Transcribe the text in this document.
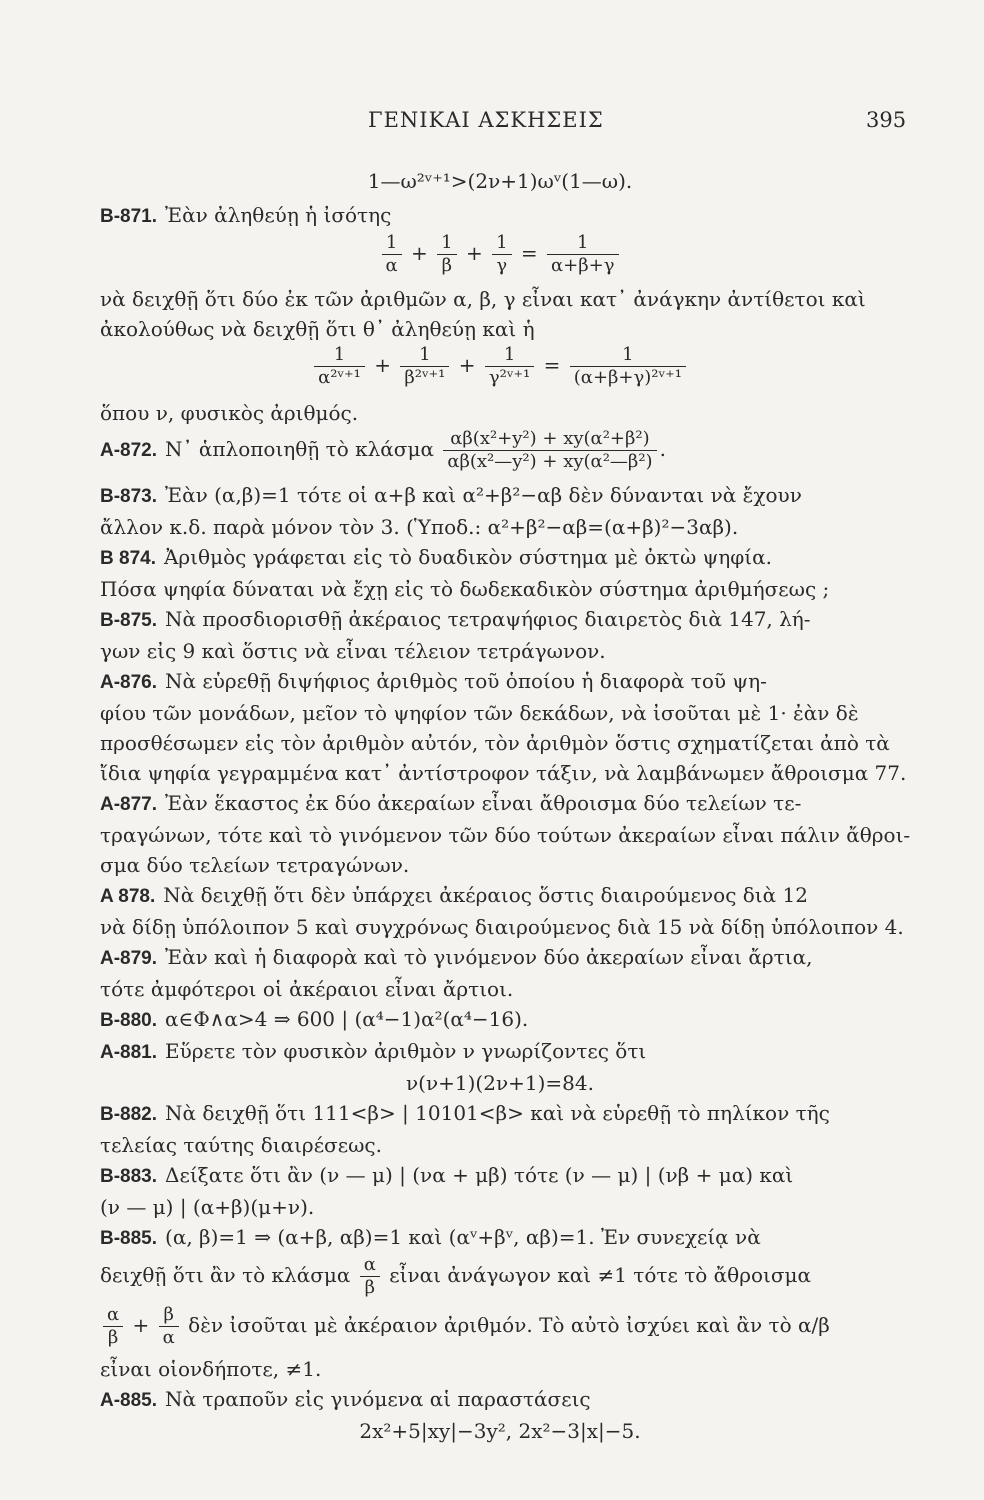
ΓΕΝΙΚΑΙ ΑΣΚΗΣΕΙΣ	395
1—ω²ᵛ⁺¹>(2ν+1)ωᵛ(1—ω).
B-871. Ἐὰν ἀληθεύῃ ἡ ἰσότης
$\frac{1}{\alpha} + \frac{1}{\beta} + \frac{1}{\gamma} = \frac{1}{\alpha+\beta+\gamma}$
νὰ δειχθῇ ὅτι δύο ἐκ τῶν ἀριθμῶν α, β, γ εἶναι κατ᾽ ἀνάγκην ἀντίθετοι καὶ
ἀκολούθως νὰ δειχθῇ ὅτι θ᾽ ἀληθεύῃ καὶ ἡ
$\frac{1}{\text{α²ᵛ⁺¹}} + \frac{1}{\text{β²ᵛ⁺¹}} + \frac{1}{\text{γ²ᵛ⁺¹}} = \frac{1}{\text{(α+β+γ)²ᵛ⁺¹}}$
ὅπου ν, φυσικὸς ἀριθμός.
A-872. Ν᾽ ἁπλοποιηθῇ τὸ κλάσμα $\frac{\text{αβ(x²+y²) + xy(α²+β²)}}{\text{αβ(x²—y²) + xy(α²—β²)}}$ .
B-873. Ἐὰν (α,β)=1 τότε οἱ α+β καὶ α²+β²−αβ δὲν δύνανται νὰ ἔχουν
ἄλλον κ.δ. παρὰ μόνον τὸν 3. (Ὑποδ.: α²+β²−αβ=(α+β)²−3αβ).
B 874. Ἀριθμὸς γράφεται εἰς τὸ δυαδικὸν σύστημα μὲ ὀκτὼ ψηφία.
Πόσα ψηφία δύναται νὰ ἔχῃ εἰς τὸ δωδεκαδικὸν σύστημα ἀριθμήσεως ;
B-875. Νὰ προσδιορισθῇ ἀκέραιος τετραψήφιος διαιρετὸς διὰ 147, λή-
γων εἰς 9 καὶ ὅστις νὰ εἶναι τέλειον τετράγωνον.
A-876. Νὰ εὑρεθῇ διψήφιος ἀριθμὸς τοῦ ὁποίου ἡ διαφορὰ τοῦ ψη-
φίου τῶν μονάδων, μεῖον τὸ ψηφίον τῶν δεκάδων, νὰ ἰσοῦται μὲ 1· ἐὰν δὲ
προσθέσωμεν εἰς τὸν ἀριθμὸν αὐτόν, τὸν ἀριθμὸν ὅστις σχηματίζεται ἀπὸ τὰ
ἴδια ψηφία γεγραμμένα κατ᾽ ἀντίστροφον τάξιν, νὰ λαμβάνωμεν ἄθροισμα 77.
A-877. Ἐὰν ἕκαστος ἐκ δύο ἀκεραίων εἶναι ἄθροισμα δύο τελείων τε-
τραγώνων, τότε καὶ τὸ γινόμενον τῶν δύο τούτων ἀκεραίων εἶναι πάλιν ἄθροι-
σμα δύο τελείων τετραγώνων.
A 878. Νὰ δειχθῇ ὅτι δὲν ὑπάρχει ἀκέραιος ὅστις διαιρούμενος διὰ 12
νὰ δίδῃ ὑπόλοιπον 5 καὶ συγχρόνως διαιρούμενος διὰ 15 νὰ δίδῃ ὑπόλοιπον 4.
A-879. Ἐὰν καὶ ἡ διαφορὰ καὶ τὸ γινόμενον δύο ἀκεραίων εἶναι ἄρτια,
τότε ἀμφότεροι οἱ ἀκέραιοι εἶναι ἄρτιοι.
B-880. α∈Φ∧α>4 ⇒ 600 | (α⁴−1)α²(α⁴−16).
A-881. Εὕρετε τὸν φυσικὸν ἀριθμὸν ν γνωρίζοντες ὅτι
ν(ν+1)(2ν+1)=84.
B-882. Νὰ δειχθῇ ὅτι 111<β> | 10101<β> καὶ νὰ εὑρεθῇ τὸ πηλίκον τῆς
τελείας ταύτης διαιρέσεως.
B-883. Δείξατε ὅτι ἂν (ν — μ) | (να + μβ) τότε (ν — μ) | (νβ + μα) καὶ
(ν — μ) | (α+β)(μ+ν).
B-885. (α, β)=1 ⇒ (α+β, αβ)=1 καὶ (αᵛ+βᵛ, αβ)=1. Ἐν συνεχείᾳ νὰ
δειχθῇ ὅτι ἂν τὸ κλάσμα $\frac{\alpha}{\beta}$ εἶναι ἀνάγωγον καὶ ≠1 τότε τὸ ἄθροισμα
$\frac{\alpha}{\beta} + \frac{\beta}{\alpha}$ δὲν ἰσοῦται μὲ ἀκέραιον ἀριθμόν. Τὸ αὐτὸ ἰσχύει καὶ ἂν τὸ α/β
εἶναι οἱονδήποτε, ≠1.
A-885. Νὰ τραποῦν εἰς γινόμενα αἱ παραστάσεις
2x²+5|xy|−3y², 2x²−3|x|−5.
